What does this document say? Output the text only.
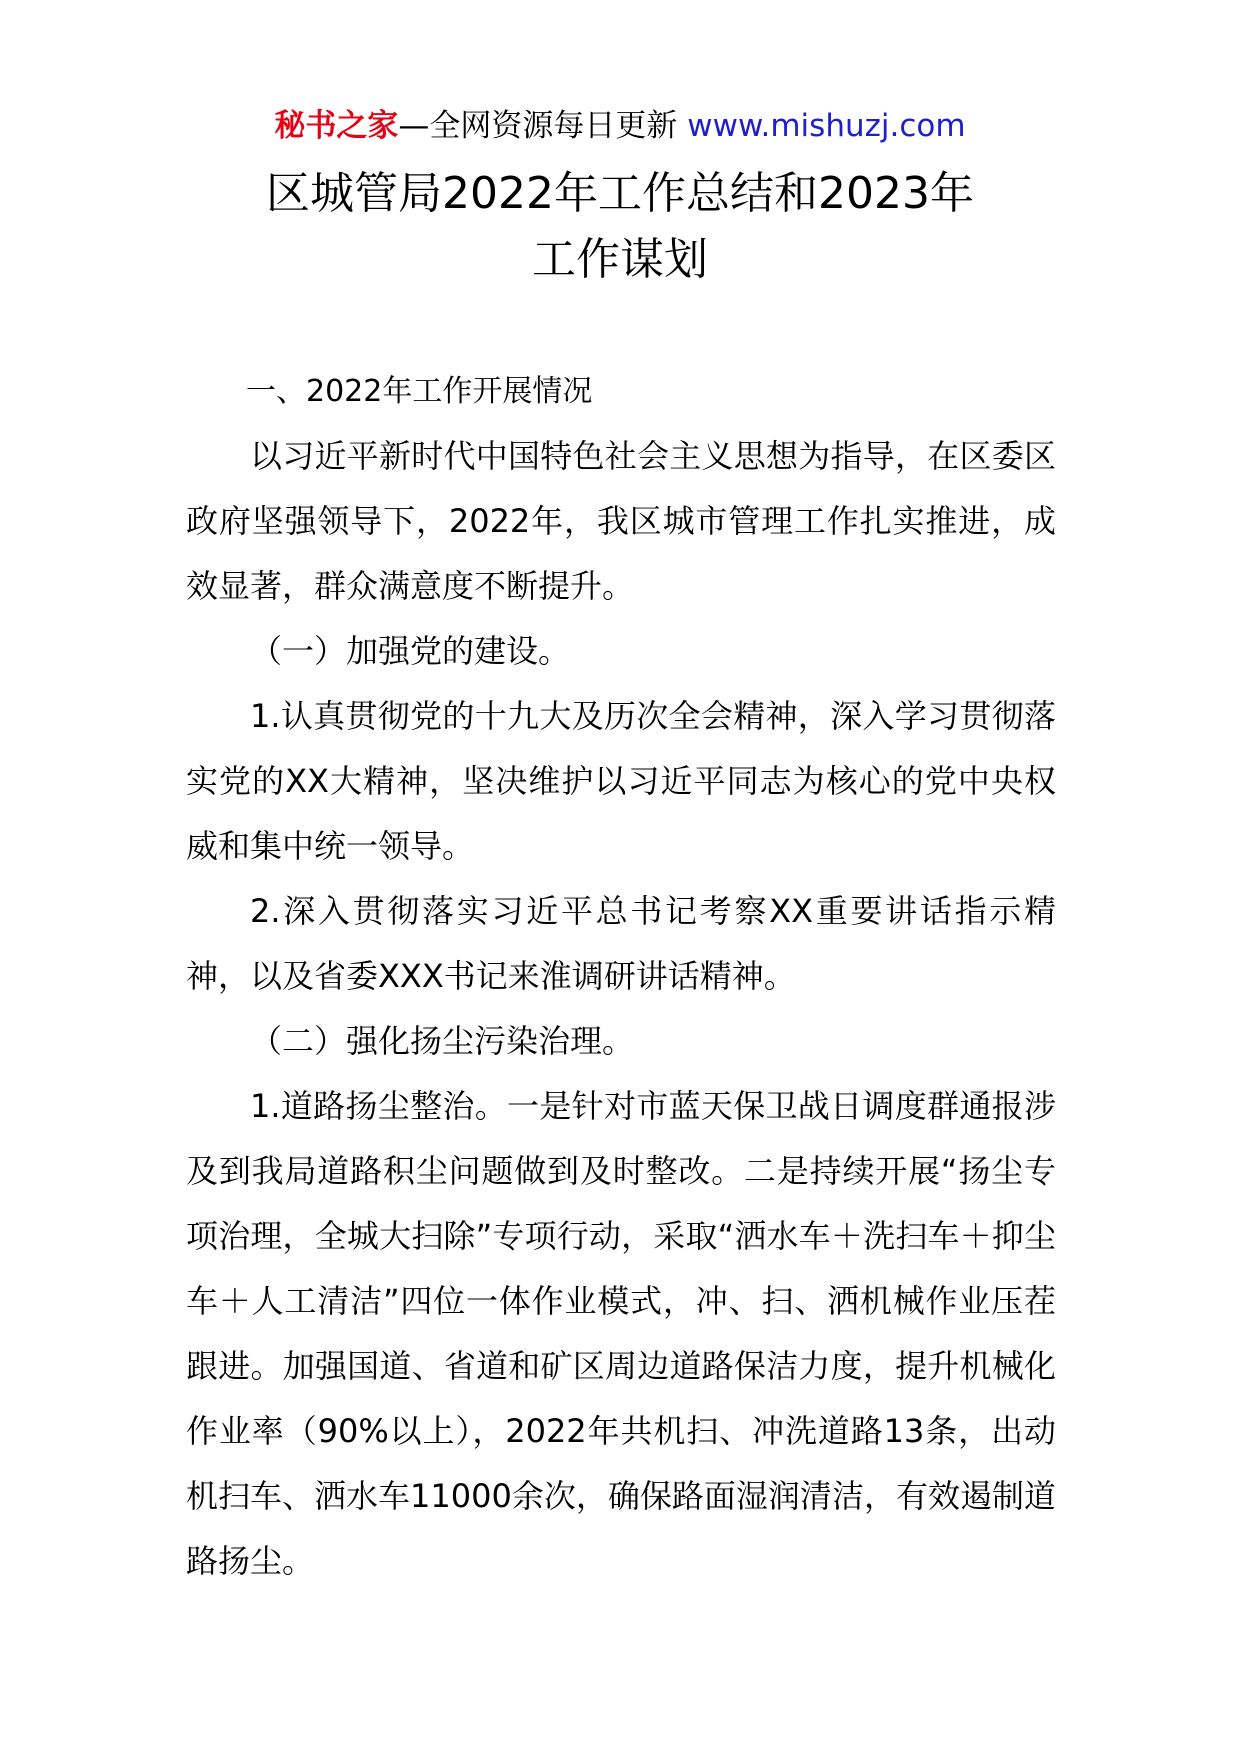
秘书之家—全网资源每日更新 www.mishuzj.com
区城管局2022年工作总结和2023年
工作谋划

一、2022年工作开展情况

以习近平新时代中国特色社会主义思想为指导，在区委区政府坚强领导下，2022年，我区城市管理工作扎实推进，成效显著，群众满意度不断提升。

（一）加强党的建设。

1.认真贯彻党的十九大及历次全会精神，深入学习贯彻落实党的XX大精神，坚决维护以习近平同志为核心的党中央权威和集中统一领导。

2.深入贯彻落实习近平总书记考察XX重要讲话指示精神，以及省委XXX书记来淮调研讲话精神。

（二）强化扬尘污染治理。

1.道路扬尘整治。一是针对市蓝天保卫战日调度群通报涉及到我局道路积尘问题做到及时整改。二是持续开展“扬尘专项治理，全城大扫除”专项行动，采取“洒水车＋洗扫车＋抑尘车＋人工清洁”四位一体作业模式，冲、扫、洒机械作业压茬跟进。加强国道、省道和矿区周边道路保洁力度，提升机械化作业率（90%以上），2022年共机扫、冲洗道路13条，出动机扫车、洒水车11000余次，确保路面湿润清洁，有效遏制道路扬尘。
